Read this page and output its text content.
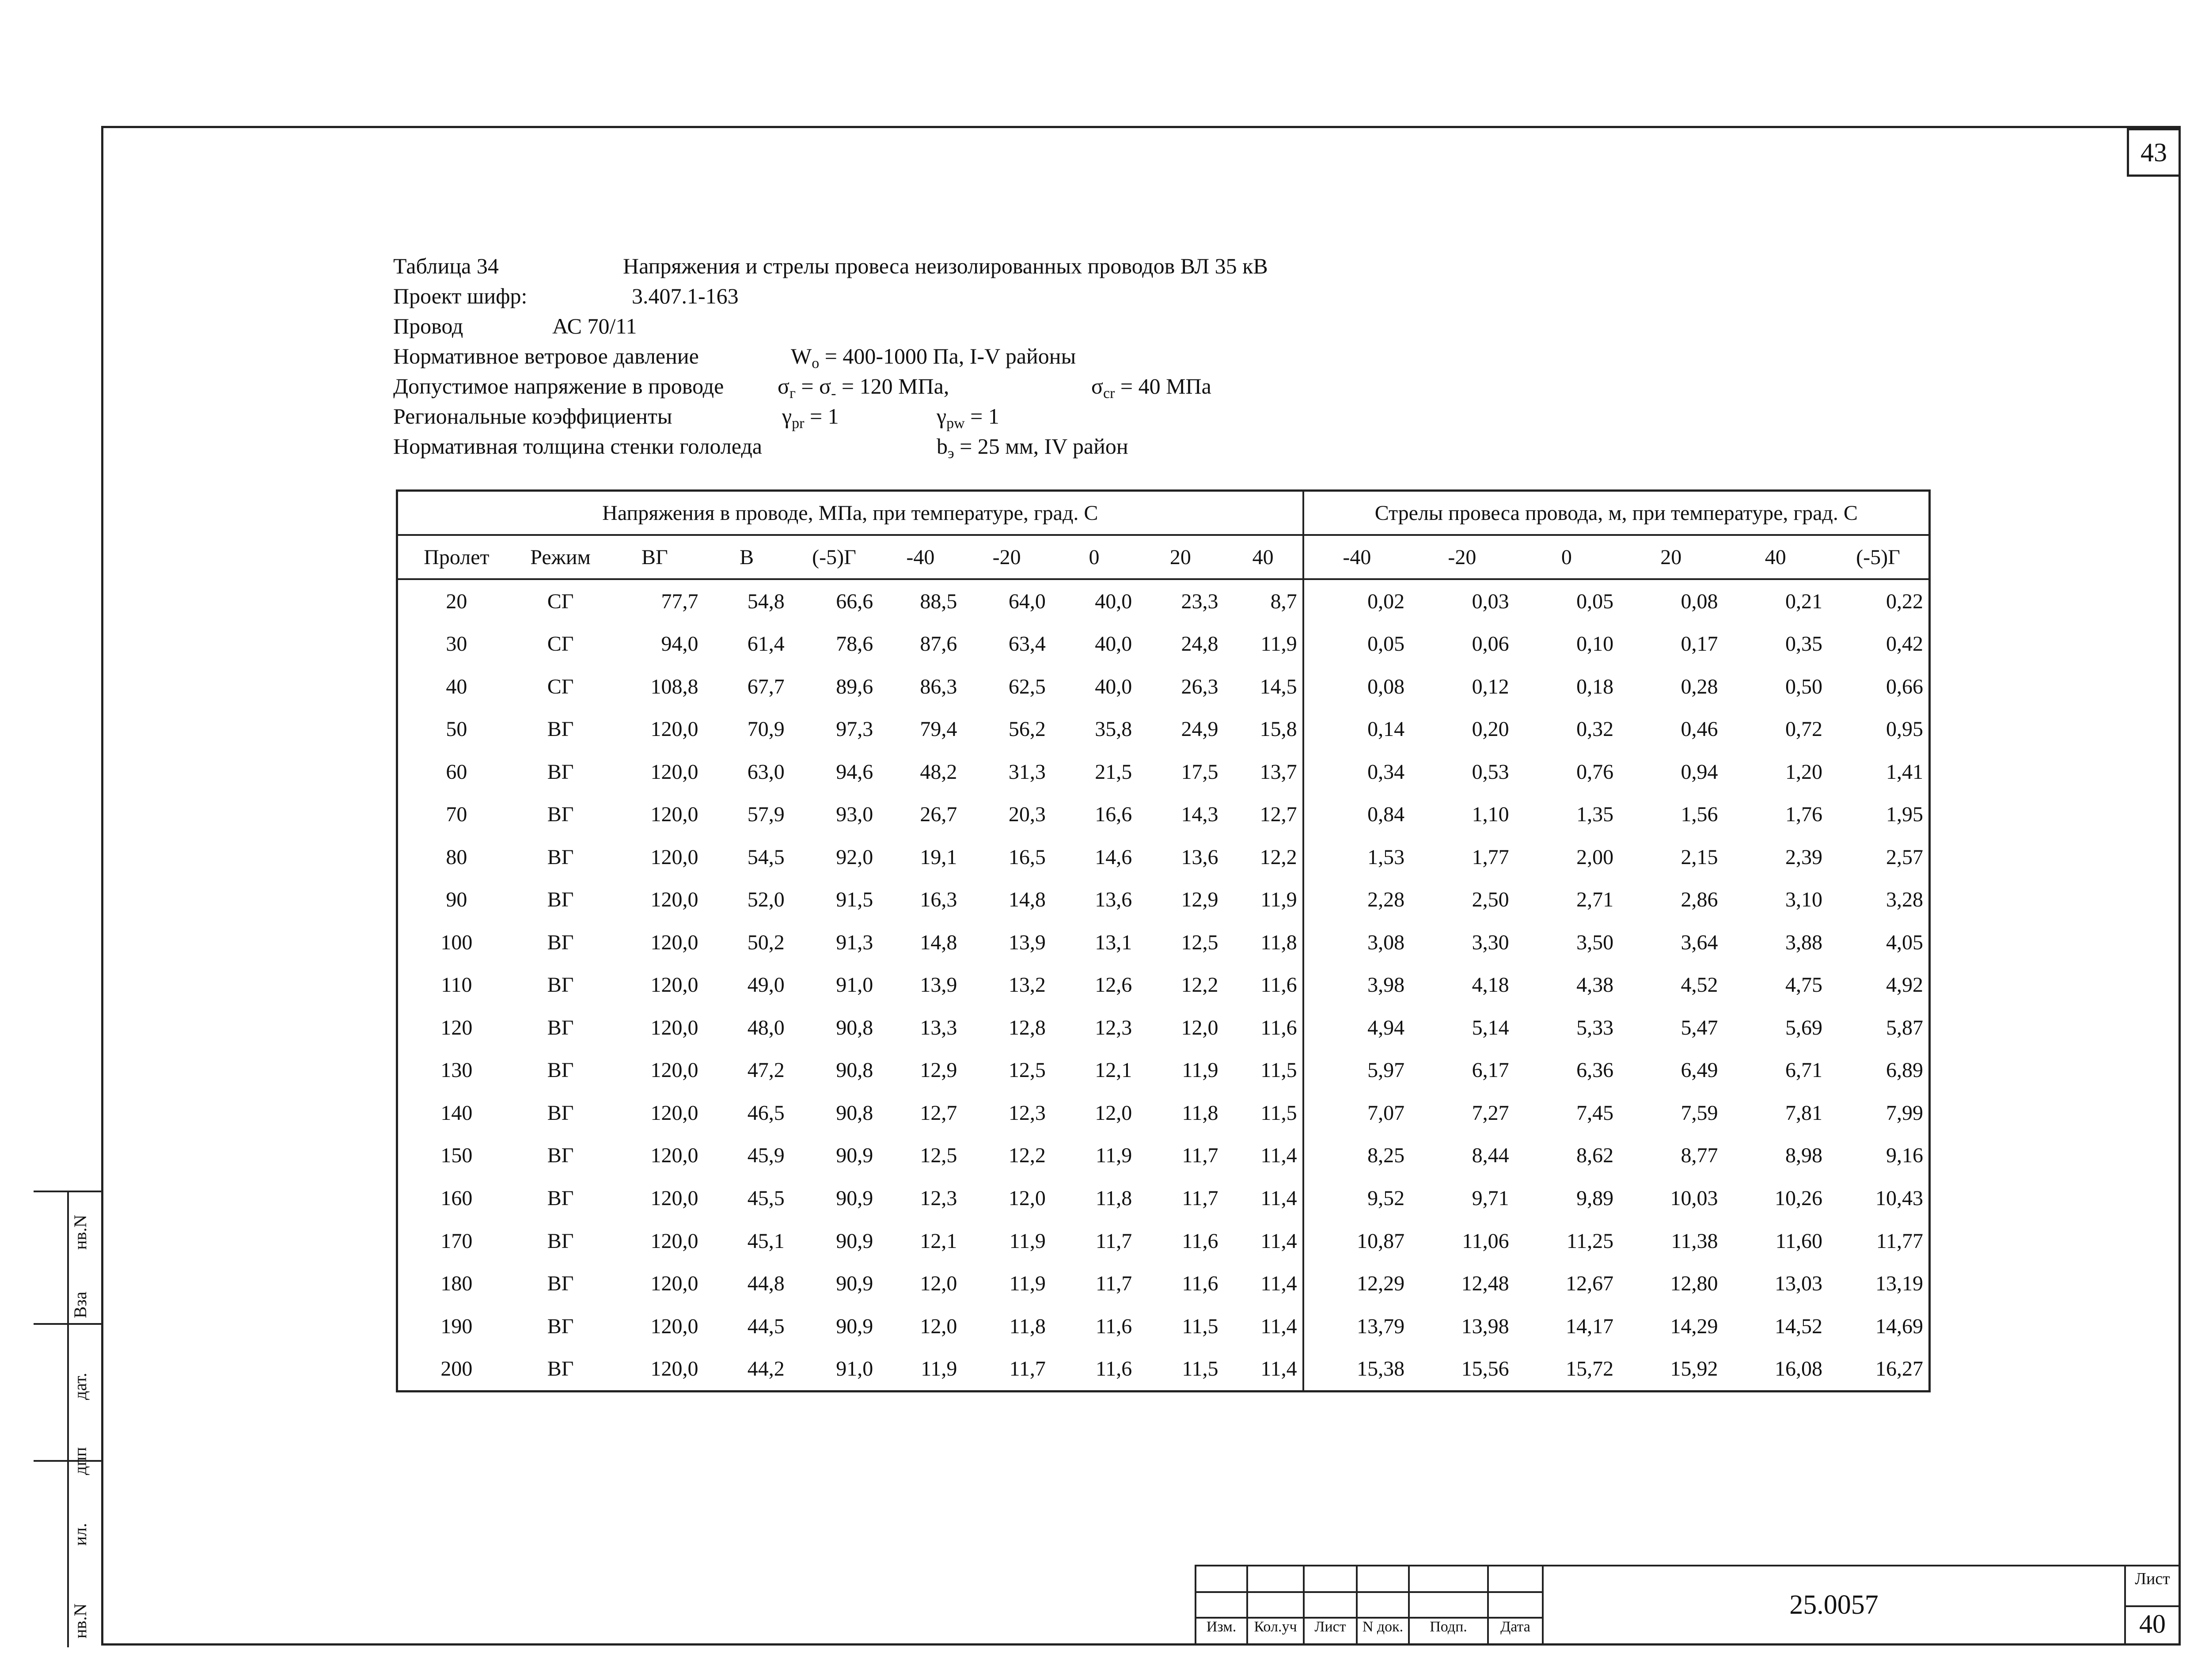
43
Таблица 34	Напряжения и стрелы провеса неизолированных проводов ВЛ 35 кВ
Проект шифр:	3.407.1-163
Провод	АС 70/11
Нормативное ветровое давление	$W_o = 400-1000$ Па, I-V районы
Допустимое напряжение в проводе $\sigma_г = \sigma_- = 120$ МПа,	$\sigma_{cr} = 40$ МПа
Региональные коэффициенты	$\gamma_{pr} = 1$	$\gamma_{pw} = 1$
Нормативная толщина стенки гололеда	$b_э = 25$ мм, IV район
Напряжения в проводе, МПа, при температуре, град. С										Стрелы провеса провода, м, при температуре, град. С					
Пролет	Режим	ВГ	В	(-5)Г	-40	-20	0	20	40	-40	-20	0	20	40	(-5)Г
20	СГ	77,7	54,8	66,6	88,5	64,0	40,0	23,3	8,7	0,02	0,03	0,05	0,08	0,21	0,22
30	СГ	94,0	61,4	78,6	87,6	63,4	40,0	24,8	11,9	0,05	0,06	0,10	0,17	0,35	0,42
40	СГ	108,8	67,7	89,6	86,3	62,5	40,0	26,3	14,5	0,08	0,12	0,18	0,28	0,50	0,66
50	ВГ	120,0	70,9	97,3	79,4	56,2	35,8	24,9	15,8	0,14	0,20	0,32	0,46	0,72	0,95
60	ВГ	120,0	63,0	94,6	48,2	31,3	21,5	17,5	13,7	0,34	0,53	0,76	0,94	1,20	1,41
70	ВГ	120,0	57,9	93,0	26,7	20,3	16,6	14,3	12,7	0,84	1,10	1,35	1,56	1,76	1,95
80	ВГ	120,0	54,5	92,0	19,1	16,5	14,6	13,6	12,2	1,53	1,77	2,00	2,15	2,39	2,57
90	ВГ	120,0	52,0	91,5	16,3	14,8	13,6	12,9	11,9	2,28	2,50	2,71	2,86	3,10	3,28
100	ВГ	120,0	50,2	91,3	14,8	13,9	13,1	12,5	11,8	3,08	3,30	3,50	3,64	3,88	4,05
110	ВГ	120,0	49,0	91,0	13,9	13,2	12,6	12,2	11,6	3,98	4,18	4,38	4,52	4,75	4,92
120	ВГ	120,0	48,0	90,8	13,3	12,8	12,3	12,0	11,6	4,94	5,14	5,33	5,47	5,69	5,87
130	ВГ	120,0	47,2	90,8	12,9	12,5	12,1	11,9	11,5	5,97	6,17	6,36	6,49	6,71	6,89
140	ВГ	120,0	46,5	90,8	12,7	12,3	12,0	11,8	11,5	7,07	7,27	7,45	7,59	7,81	7,99
150	ВГ	120,0	45,9	90,9	12,5	12,2	11,9	11,7	11,4	8,25	8,44	8,62	8,77	8,98	9,16
160	ВГ	120,0	45,5	90,9	12,3	12,0	11,8	11,7	11,4	9,52	9,71	9,89	10,03	10,26	10,43
170	ВГ	120,0	45,1	90,9	12,1	11,9	11,7	11,6	11,4	10,87	11,06	11,25	11,38	11,60	11,77
180	ВГ	120,0	44,8	90,9	12,0	11,9	11,7	11,6	11,4	12,29	12,48	12,67	12,80	13,03	13,19
190	ВГ	120,0	44,5	90,9	12,0	11,8	11,6	11,5	11,4	13,79	13,98	14,17	14,29	14,52	14,69
200	ВГ	120,0	44,2	91,0	11,9	11,7	11,6	11,5	11,4	15,38	15,56	15,72	15,92	16,08	16,27
нв.N
Вза
дат.
дпп
ил.
нв.N	Изм.	Кол.уч	Лист	N док.	Подп.	Дата
25.0057
Лист
40
